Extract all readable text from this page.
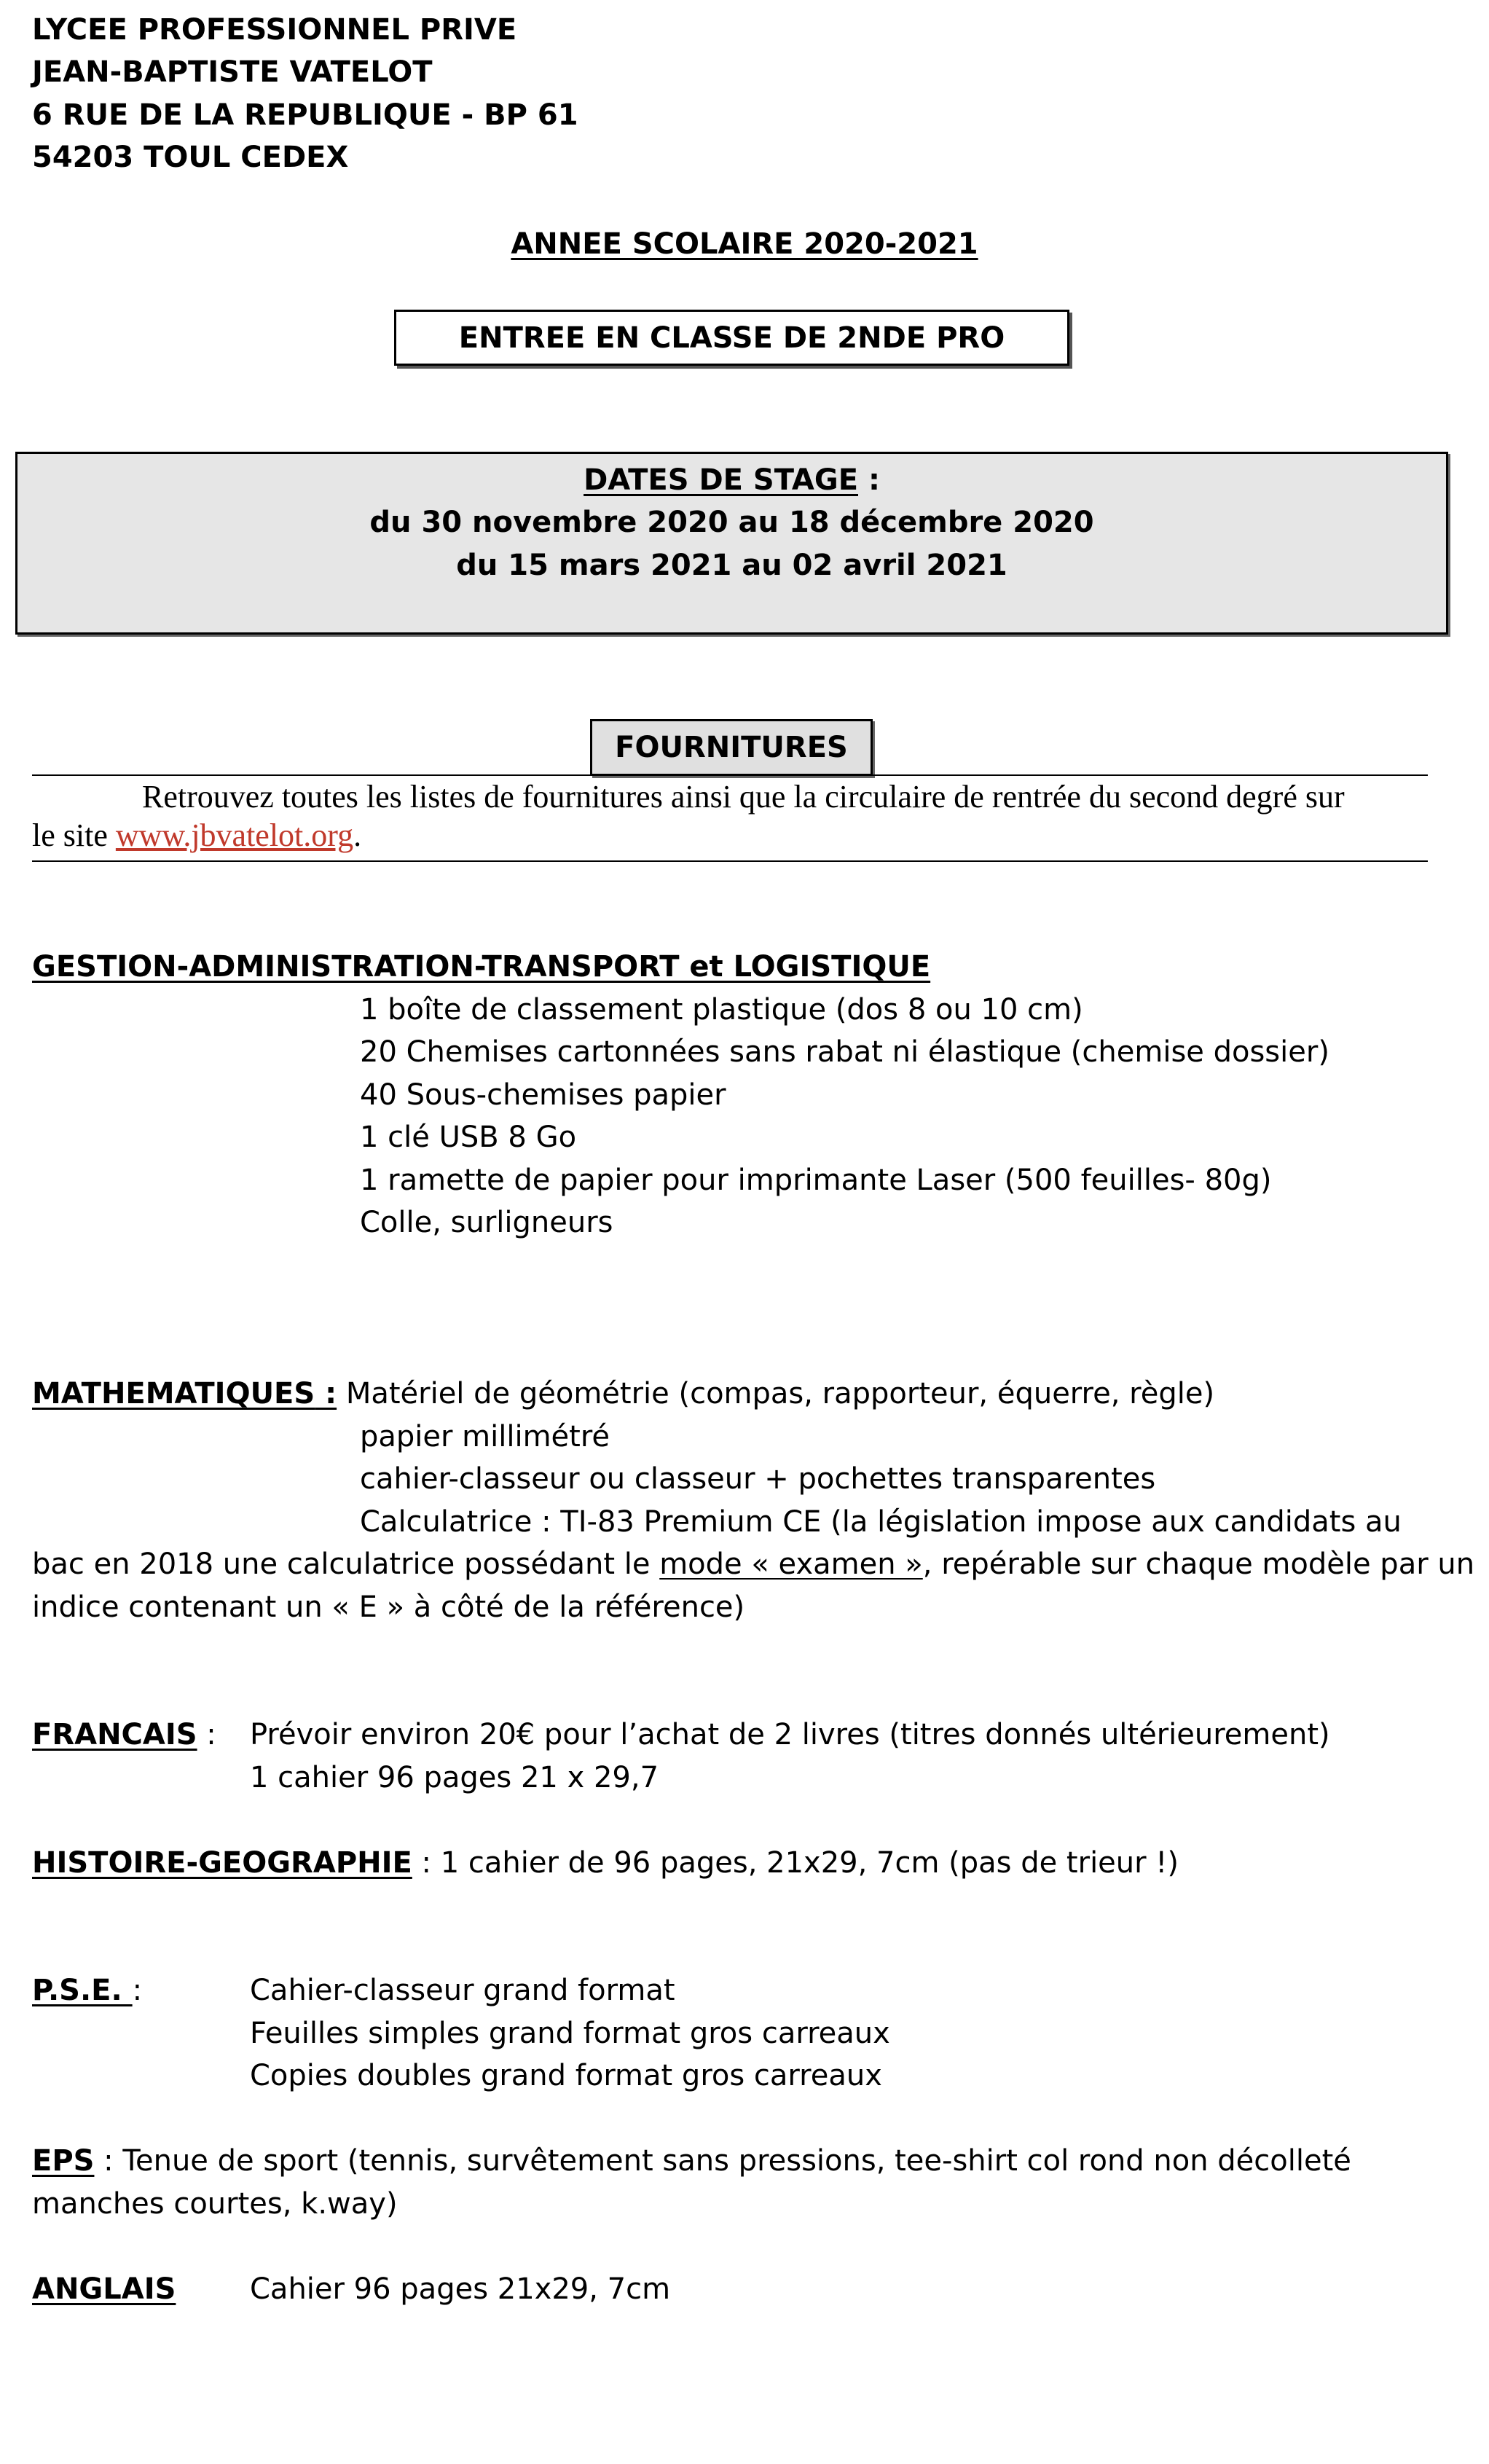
LYCEE PROFESSIONNEL PRIVE
JEAN-BAPTISTE VATELOT
6 RUE DE LA REPUBLIQUE - BP 61
54203 TOUL CEDEX
ANNEE SCOLAIRE 2020-2021
ENTREE EN CLASSE DE 2NDE PRO
DATES DE STAGE :
du 30 novembre 2020 au 18 décembre 2020
du 15 mars 2021 au 02 avril 2021
FOURNITURES
Retrouvez toutes les listes de fournitures ainsi que la circulaire de rentrée du second degré sur
le site www.jbvatelot.org.
GESTION-ADMINISTRATION-TRANSPORT et LOGISTIQUE
1 boîte de classement plastique (dos 8 ou 10 cm)
20 Chemises cartonnées sans rabat ni élastique (chemise dossier)
40 Sous-chemises papier
1 clé USB 8 Go
1 ramette de papier pour imprimante Laser (500 feuilles- 80g)
Colle, surligneurs
MATHEMATIQUES : Matériel de géométrie (compas, rapporteur, équerre, règle)
papier millimétré
cahier-classeur ou classeur + pochettes transparentes
Calculatrice : TI-83 Premium CE (la législation impose aux candidats au
bac en 2018 une calculatrice possédant le mode « examen », repérable sur chaque modèle par un
indice contenant un « E » à côté de la référence)
FRANCAIS : Prévoir environ 20€ pour l’achat de 2 livres (titres donnés ultérieurement)
1 cahier 96 pages 21 x 29,7
HISTOIRE-GEOGRAPHIE : 1 cahier de 96 pages, 21x29, 7cm (pas de trieur !)
P.S.E. :	Cahier-classeur grand format
Feuilles simples grand format gros carreaux
Copies doubles grand format gros carreaux
EPS : Tenue de sport (tennis, survêtement sans pressions, tee-shirt col rond non décolleté
manches courtes, k.way)
ANGLAIS	Cahier 96 pages 21x29, 7cm
